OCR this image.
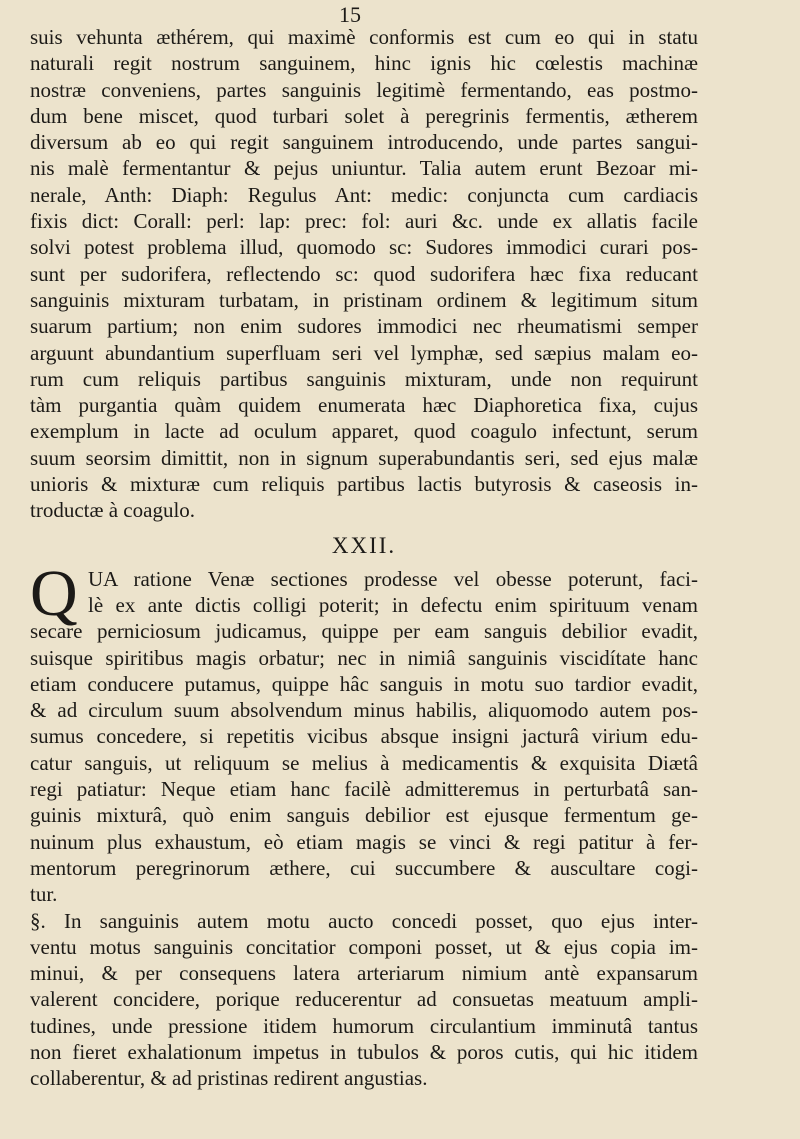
15
suis vehunta æthérem, qui maximè conformis est cum eo qui in statu
naturali regit nostrum sanguinem, hinc ignis hic cœlestis machinæ
nostræ conveniens, partes sanguinis legitimè fermentando, eas postmo-
dum bene miscet, quod turbari solet à peregrinis fermentis, ætherem
diversum ab eo qui regit sanguinem introducendo, unde partes sangui-
nis malè fermentantur & pejus uniuntur. Talia autem erunt Bezoar mi-
nerale, Anth: Diaph: Regulus Ant: medic: conjuncta cum cardiacis
fixis dict: Corall: perl: lap: prec: fol: auri &c. unde ex allatis facile
solvi potest problema illud, quomodo sc: Sudores immodici curari pos-
sunt per sudorifera, reflectendo sc: quod sudorifera hæc fixa reducant
sanguinis mixturam turbatam, in pristinam ordinem & legitimum situm
suarum partium; non enim sudores immodici nec rheumatismi semper
arguunt abundantium superfluam seri vel lymphæ, sed sæpius malam eo-
rum cum reliquis partibus sanguinis mixturam, unde non requirunt
tàm purgantia quàm quidem enumerata hæc Diaphoretica fixa, cujus
exemplum in lacte ad oculum apparet, quod coagulo infectunt, serum
suum seorsim dimittit, non in signum superabundantis seri, sed ejus malæ
unioris & mixturæ cum reliquis partibus lactis butyrosis & caseosis in-
troductæ à coagulo.
XXII.
Q UA ratione Venæ sectiones prodesse vel obesse poterunt, faci-
lè ex ante dictis colligi poterit; in defectu enim spirituum venam
secare perniciosum judicamus, quippe per eam sanguis debilior evadit,
suisque spiritibus magis orbatur; nec in nimiâ sanguinis viscidítate hanc
etiam conducere putamus, quippe hâc sanguis in motu suo tardior evadit,
& ad circulum suum absolvendum minus habilis, aliquomodo autem pos-
sumus concedere, si repetitis vicibus absque insigni jacturâ virium edu-
catur sanguis, ut reliquum se melius à medicamentis & exquisita Diætâ
regi patiatur: Neque etiam hanc facilè admitteremus in perturbatâ san-
guinis mixturâ, quò enim sanguis debilior est ejusque fermentum ge-
nuinum plus exhaustum, eò etiam magis se vinci & regi patitur à fer-
mentorum peregrinorum æthere, cui succumbere & auscultare cogi-
tur.
§. In sanguinis autem motu aucto concedi posset, quo ejus inter-
ventu motus sanguinis concitatior componi posset, ut & ejus copia im-
minui, & per consequens latera arteriarum nimium antè expansarum
valerent concidere, porique reducerentur ad consuetas meatuum ampli-
tudines, unde pressione itidem humorum circulantium imminutâ tantus
non fieret exhalationum impetus in tubulos & poros cutis, qui hic itidem
collaberentur, & ad pristinas redirent angustias.
